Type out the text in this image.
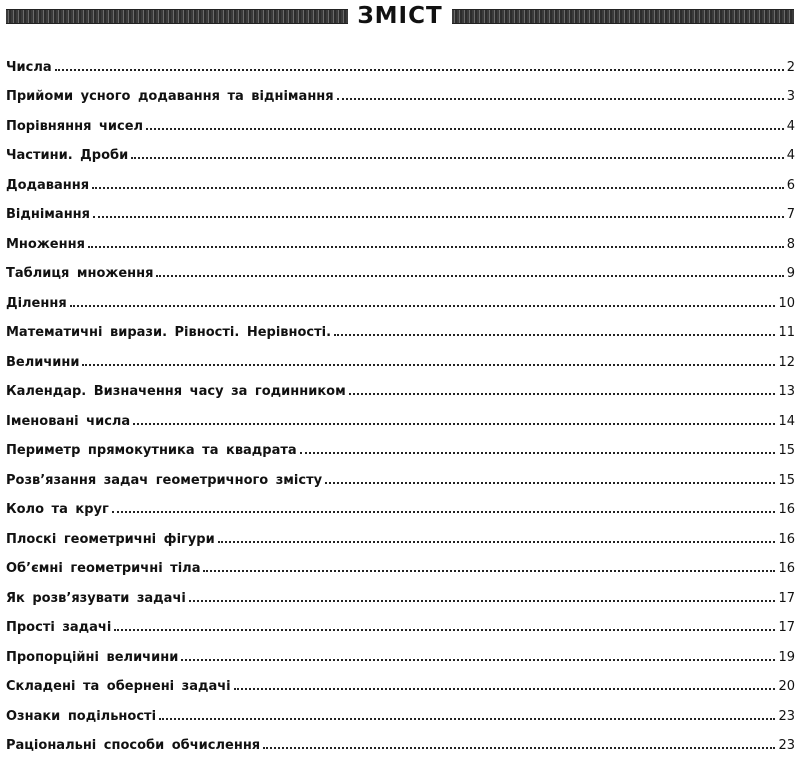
ЗМІСТ
Числа	2
Прийоми усного додавання та віднімання	3
Порівняння чисел	4
Частини. Дроби	4
Додавання	6
Віднімання	7
Множення	8
Таблиця множення	9
Ділення	10
Математичні вирази. Рівності. Нерівності.	11
Величини	12
Календар. Визначення часу за годинником	13
Іменовані числа	14
Периметр прямокутника та квадрата	15
Розв’язання задач геометричного змісту	15
Коло та круг	16
Плоскі геометричні фігури	16
Об’ємні геометричні тіла	16
Як розв’язувати задачі	17
Прості задачі	17
Пропорційні величини	19
Складені та обернені задачі	20
Ознаки подільності	23
Раціональні способи обчислення	23
